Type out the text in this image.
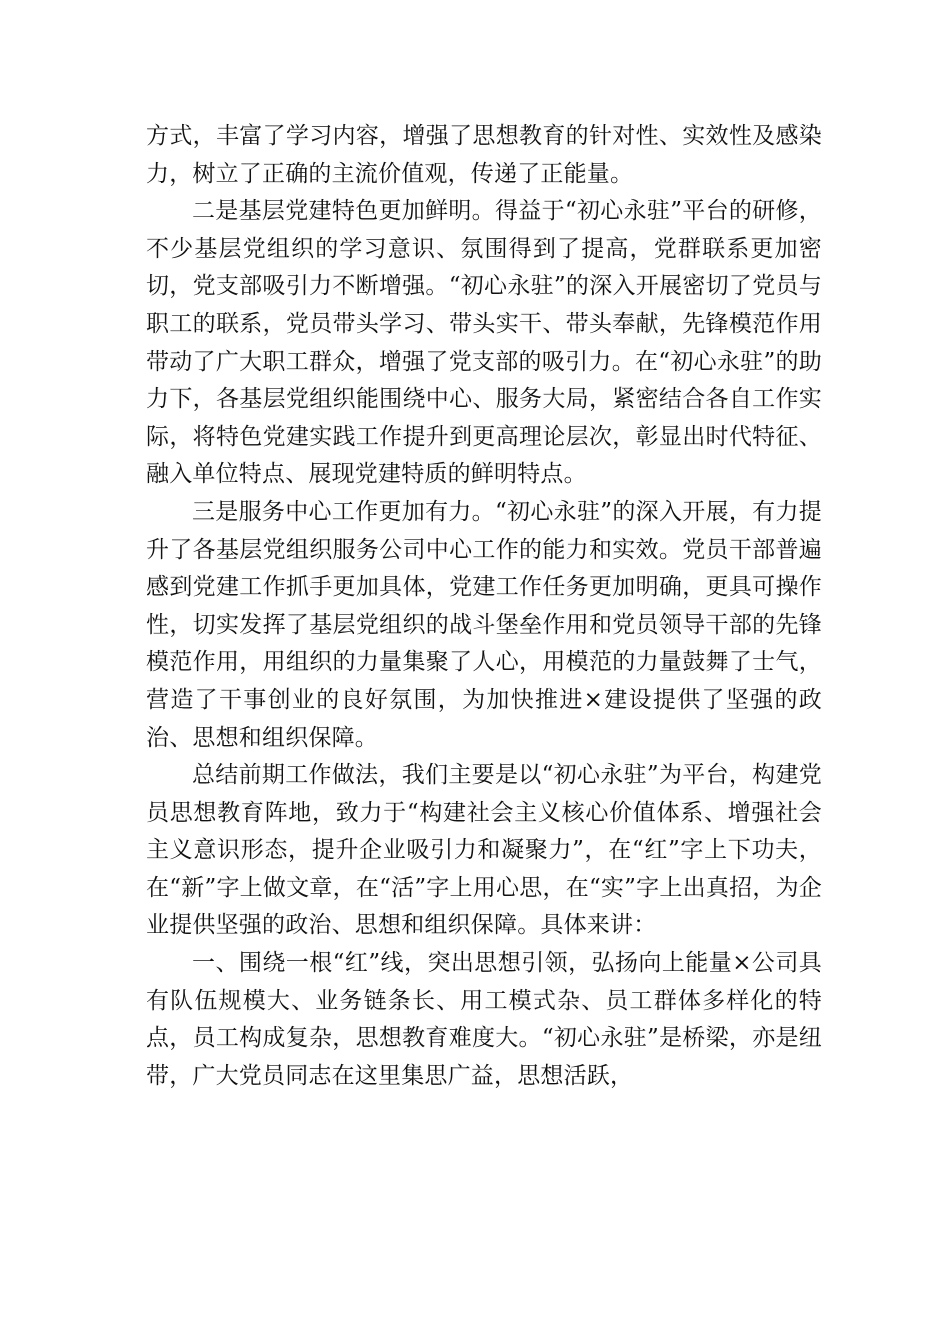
方式，丰富了学习内容，增强了思想教育的针对性、实效性及感染力，树立了正确的主流价值观，传递了正能量。

二是基层党建特色更加鲜明。得益于“初心永驻”平台的研修，不少基层党组织的学习意识、氛围得到了提高，党群联系更加密切，党支部吸引力不断增强。“初心永驻”的深入开展密切了党员与职工的联系，党员带头学习、带头实干、带头奉献，先锋模范作用带动了广大职工群众，增强了党支部的吸引力。在“初心永驻”的助力下，各基层党组织能围绕中心、服务大局，紧密结合各自工作实际，将特色党建实践工作提升到更高理论层次，彰显出时代特征、融入单位特点、展现党建特质的鲜明特点。

三是服务中心工作更加有力。“初心永驻”的深入开展，有力提升了各基层党组织服务公司中心工作的能力和实效。党员干部普遍感到党建工作抓手更加具体，党建工作任务更加明确，更具可操作性，切实发挥了基层党组织的战斗堡垒作用和党员领导干部的先锋模范作用，用组织的力量集聚了人心，用模范的力量鼓舞了士气，营造了干事创业的良好氛围，为加快推进×建设提供了坚强的政治、思想和组织保障。

总结前期工作做法，我们主要是以“初心永驻”为平台，构建党员思想教育阵地，致力于“构建社会主义核心价值体系、增强社会主义意识形态，提升企业吸引力和凝聚力”，在“红”字上下功夫，在“新”字上做文章，在“活”字上用心思，在“实”字上出真招，为企业提供坚强的政治、思想和组织保障。具体来讲：

一、围绕一根“红”线，突出思想引领，弘扬向上能量×公司具有队伍规模大、业务链条长、用工模式杂、员工群体多样化的特点，员工构成复杂，思想教育难度大。“初心永驻”是桥梁，亦是纽带，广大党员同志在这里集思广益，思想活跃，
